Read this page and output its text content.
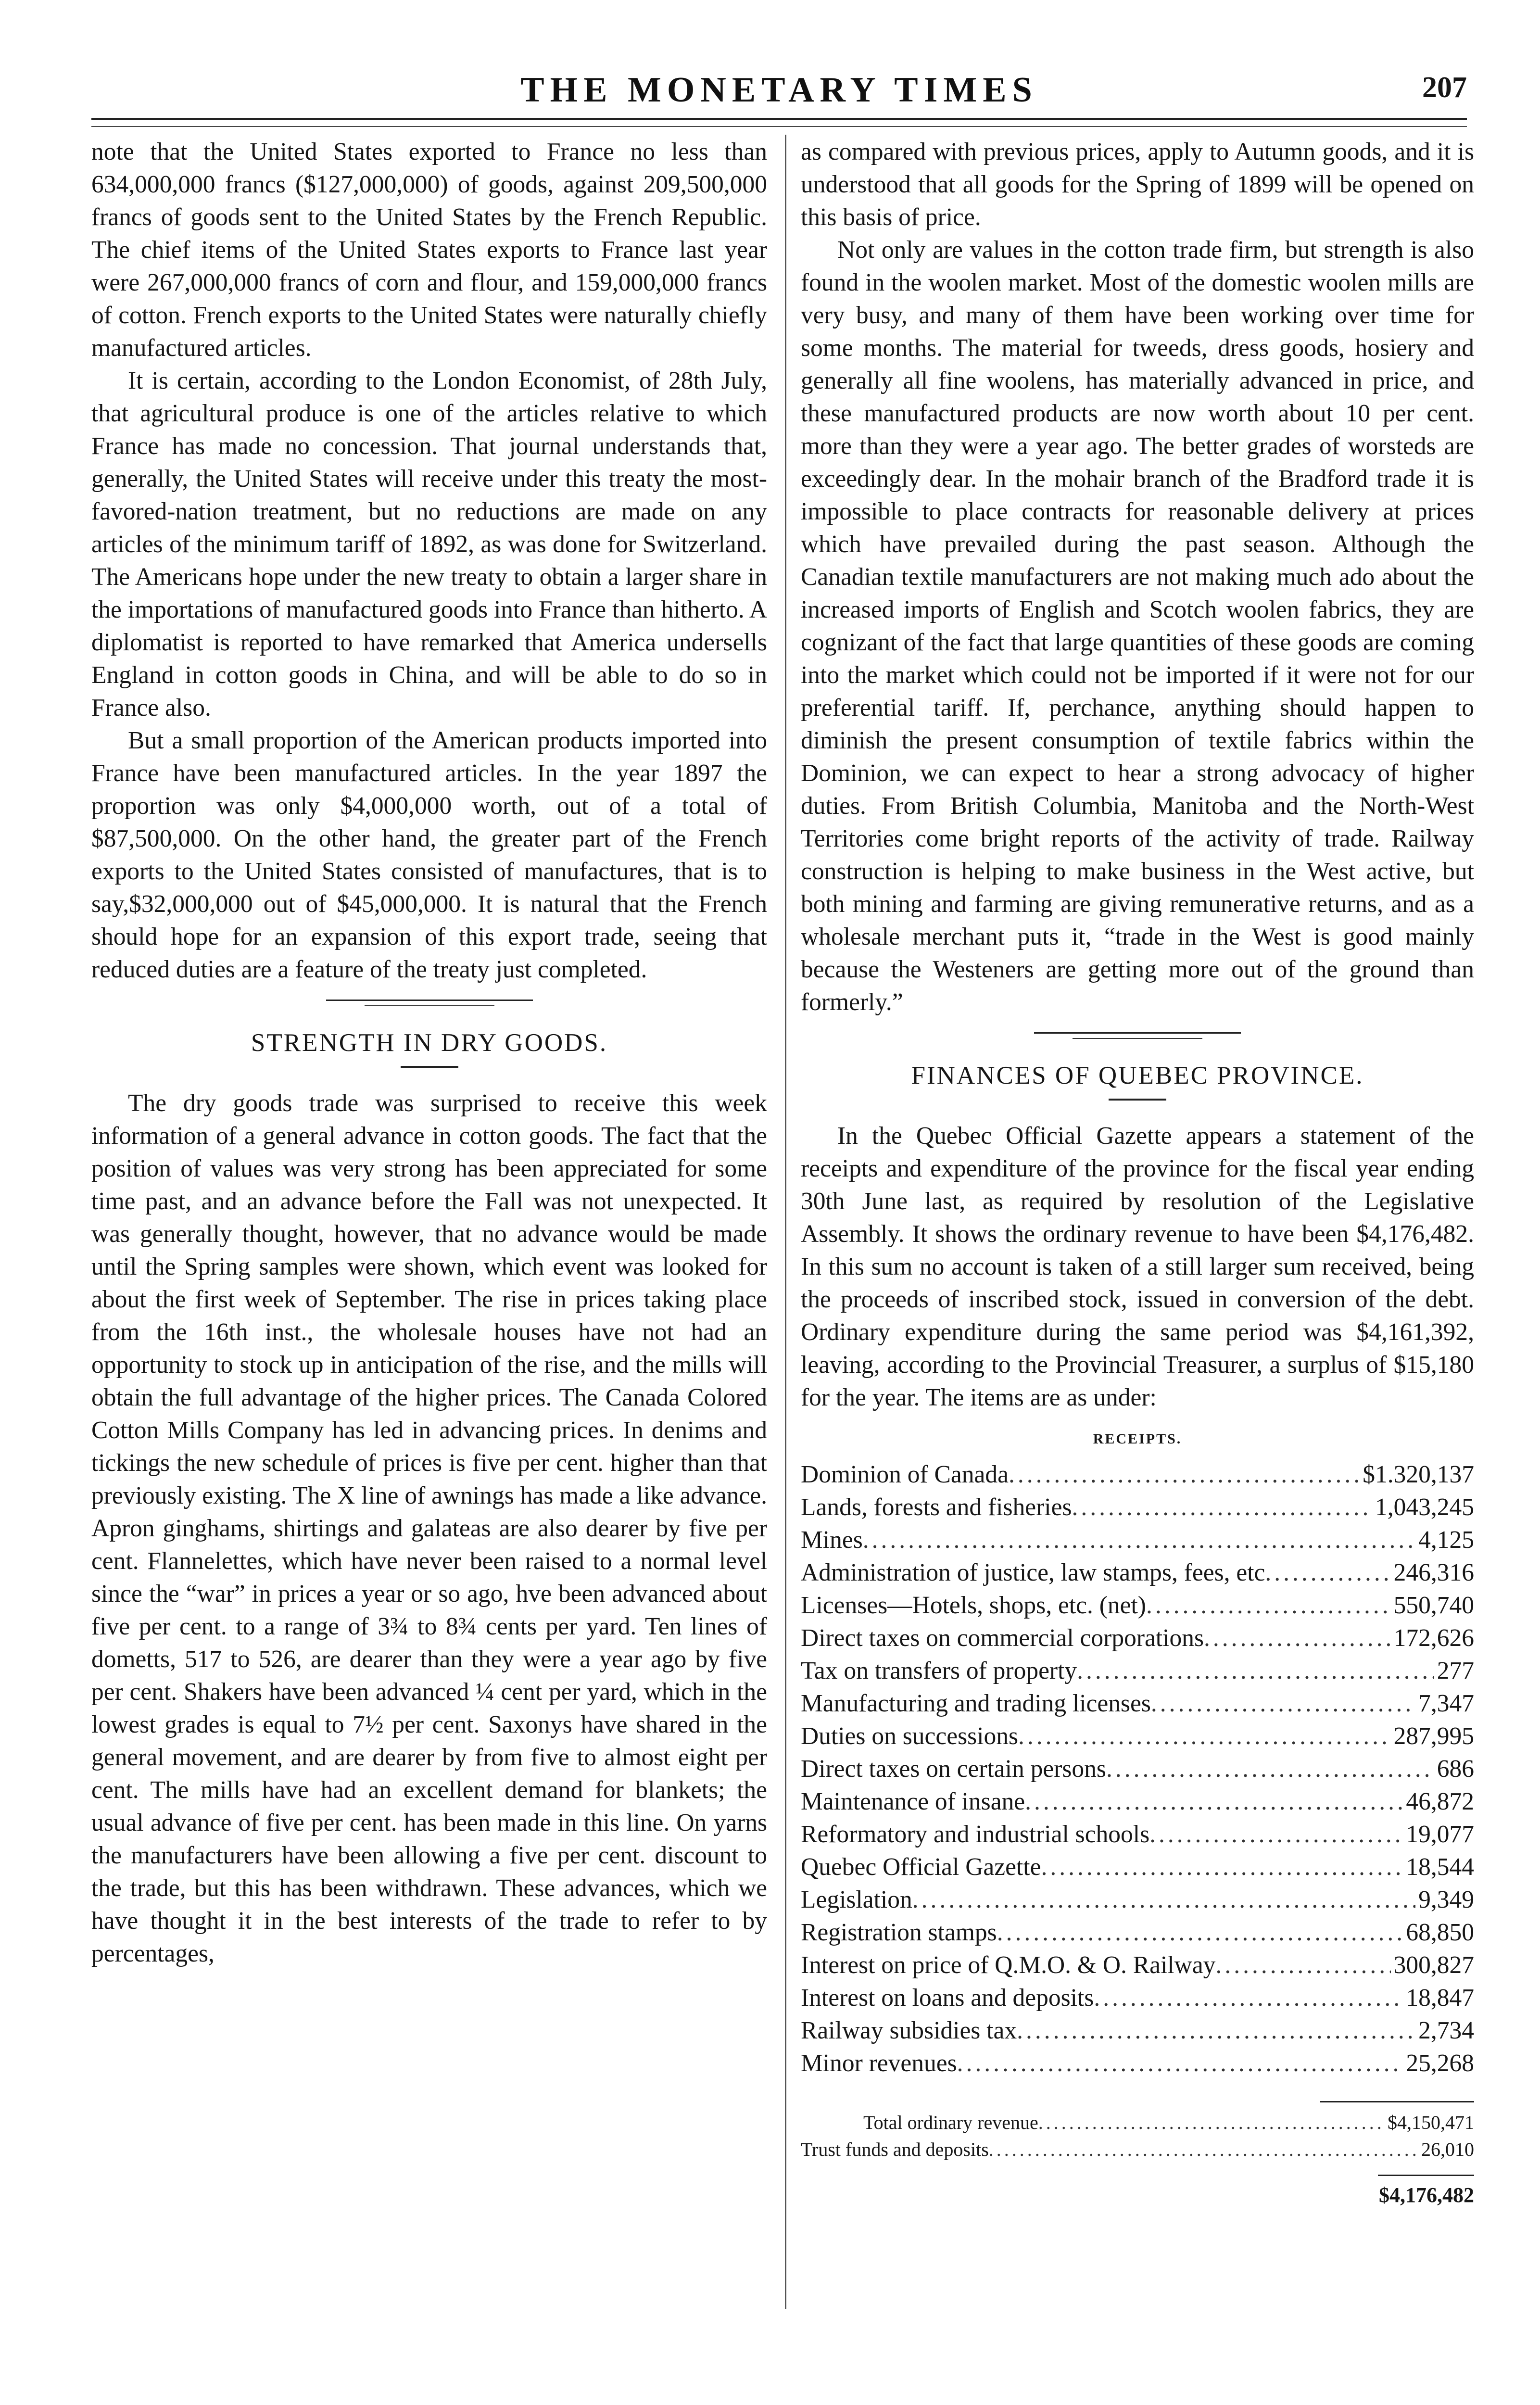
THE MONETARY TIMES	207

note that the United States exported to France no less than 634,000,000 francs ($127,000,000) of goods, against 209,500,000 francs of goods sent to the United States by the French Republic. The chief items of the United States exports to France last year were 267,000,000 francs of corn and flour, and 159,000,000 francs of cotton. French exports to the United States were naturally chiefly manufactured articles.

It is certain, according to the London Economist, of 28th July, that agricultural produce is one of the articles relative to which France has made no concession. That journal understands that, generally, the United States will receive under this treaty the most-favored-nation treatment, but no reductions are made on any articles of the minimum tariff of 1892, as was done for Switzerland. The Americans hope under the new treaty to obtain a larger share in the importations of manufactured goods into France than hitherto. A diplomatist is reported to have remarked that America undersells England in cotton goods in China, and will be able to do so in France also.

But a small proportion of the American products imported into France have been manufactured articles. In the year 1897 the proportion was only $4,000,000 worth, out of a total of $87,500,000. On the other hand, the greater part of the French exports to the United States consisted of manufactures, that is to say,$32,000,000 out of $45,000,000. It is natural that the French should hope for an expansion of this export trade, seeing that reduced duties are a feature of the treaty just completed.

STRENGTH IN DRY GOODS.

The dry goods trade was surprised to receive this week information of a general advance in cotton goods. The fact that the position of values was very strong has been appreciated for some time past, and an advance before the Fall was not unexpected. It was generally thought, however, that no advance would be made until the Spring samples were shown, which event was looked for about the first week of September. The rise in prices taking place from the 16th inst., the wholesale houses have not had an opportunity to stock up in anticipation of the rise, and the mills will obtain the full advantage of the higher prices. The Canada Colored Cotton Mills Company has led in advancing prices. In denims and tickings the new schedule of prices is five per cent. higher than that previously existing. The X line of awnings has made a like advance. Apron ginghams, shirtings and galateas are also dearer by five per cent. Flannelettes, which have never been raised to a normal level since the “war” in prices a year or so ago, hve been advanced about five per cent. to a range of 3¾ to 8¾ cents per yard. Ten lines of dometts, 517 to 526, are dearer than they were a year ago by five per cent. Shakers have been advanced ¼ cent per yard, which in the lowest grades is equal to 7½ per cent. Saxonys have shared in the general movement, and are dearer by from five to almost eight per cent. The mills have had an excellent demand for blankets; the usual advance of five per cent. has been made in this line. On yarns the manufacturers have been allowing a five per cent. discount to the trade, but this has been withdrawn. These advances, which we have thought it in the best interests of the trade to refer to by percentages,

as compared with previous prices, apply to Autumn goods, and it is understood that all goods for the Spring of 1899 will be opened on this basis of price.

Not only are values in the cotton trade firm, but strength is also found in the woolen market. Most of the domestic woolen mills are very busy, and many of them have been working over time for some months. The material for tweeds, dress goods, hosiery and generally all fine woolens, has materially advanced in price, and these manufactured products are now worth about 10 per cent. more than they were a year ago. The better grades of worsteds are exceedingly dear. In the mohair branch of the Bradford trade it is impossible to place contracts for reasonable delivery at prices which have prevailed during the past season. Although the Canadian textile manufacturers are not making much ado about the increased imports of English and Scotch woolen fabrics, they are cognizant of the fact that large quantities of these goods are coming into the market which could not be imported if it were not for our preferential tariff. If, perchance, anything should happen to diminish the present consumption of textile fabrics within the Dominion, we can expect to hear a strong advocacy of higher duties. From British Columbia, Manitoba and the North-West Territories come bright reports of the activity of trade. Railway construction is helping to make business in the West active, but both mining and farming are giving remunerative returns, and as a wholesale merchant puts it, “trade in the West is good mainly because the Westeners are getting more out of the ground than formerly.”

FINANCES OF QUEBEC PROVINCE.

In the Quebec Official Gazette appears a statement of the receipts and expenditure of the province for the fiscal year ending 30th June last, as required by resolution of the Legislative Assembly. It shows the ordinary revenue to have been $4,176,482. In this sum no account is taken of a still larger sum received, being the proceeds of inscribed stock, issued in conversion of the debt. Ordinary expenditure during the same period was $4,161,392, leaving, according to the Provincial Treasurer, a surplus of $15,180 for the year. The items are as under:

RECEIPTS.
Dominion of Canada .....	$1.320,137
Lands, forests and fisheries .....	1,043,245
Mines .....	4,125
Administration of justice, law stamps, fees, etc .....	246,316
Licenses—Hotels, shops, etc. (net) .....	550,740
Direct taxes on commercial corporations .....	172,626
Tax on transfers of property .....	277
Manufacturing and trading licenses .....	7,347
Duties on successions .....	287,995
Direct taxes on certain persons .....	686
Maintenance of insane .....	46,872
Reformatory and industrial schools .....	19,077
Quebec Official Gazette .....	18,544
Legislation .....	9,349
Registration stamps .....	68,850
Interest on price of Q.M.O. & O. Railway .....	300,827
Interest on loans and deposits .....	18,847
Railway subsidies tax .....	2,734
Minor revenues .....	25,268
Total ordinary revenue .....	$4,150,471
Trust funds and deposits .....	26,010
$4,176,482
